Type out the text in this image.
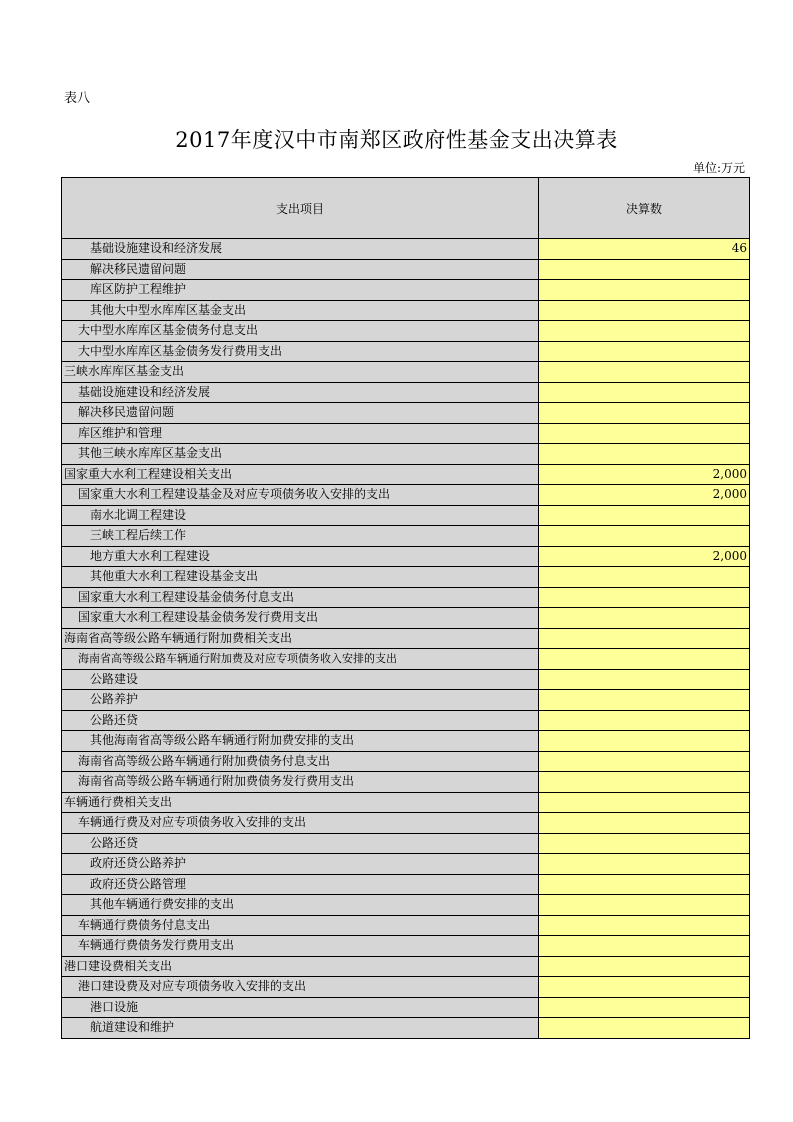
表八
2017年度汉中市南郑区政府性基金支出决算表
单位:万元
支出项目	决算数
基础设施建设和经济发展	46
解决移民遗留问题	
库区防护工程维护	
其他大中型水库库区基金支出	
大中型水库库区基金债务付息支出	
大中型水库库区基金债务发行费用支出	
三峡水库库区基金支出	
基础设施建设和经济发展	
解决移民遗留问题	
库区维护和管理	
其他三峡水库库区基金支出	
国家重大水利工程建设相关支出	2,000
国家重大水利工程建设基金及对应专项债务收入安排的支出	2,000
南水北调工程建设	
三峡工程后续工作	
地方重大水利工程建设	2,000
其他重大水利工程建设基金支出	
国家重大水利工程建设基金债务付息支出	
国家重大水利工程建设基金债务发行费用支出	
海南省高等级公路车辆通行附加费相关支出	
海南省高等级公路车辆通行附加费及对应专项债务收入安排的支出	
公路建设	
公路养护	
公路还贷	
其他海南省高等级公路车辆通行附加费安排的支出	
海南省高等级公路车辆通行附加费债务付息支出	
海南省高等级公路车辆通行附加费债务发行费用支出	
车辆通行费相关支出	
车辆通行费及对应专项债务收入安排的支出	
公路还贷	
政府还贷公路养护	
政府还贷公路管理	
其他车辆通行费安排的支出	
车辆通行费债务付息支出	
车辆通行费债务发行费用支出	
港口建设费相关支出	
港口建设费及对应专项债务收入安排的支出	
港口设施	
航道建设和维护	
